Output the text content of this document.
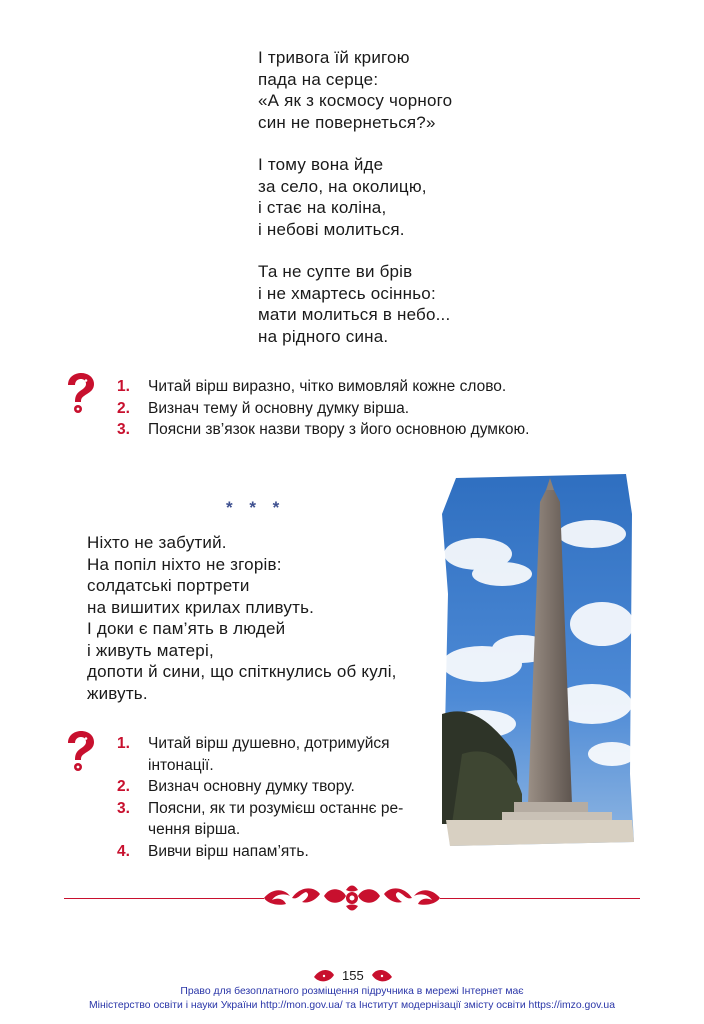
І тривога їй кригою
пада на серце:
«А як з космосу чорного
син не повернеться?»
І тому вона йде
за село, на околицю,
і стає на коліна,
і небові молиться.
Та не супте ви брів
і не хмартесь осінньо:
мати молиться в небо...
на рідного сина.
1. Читай вірш виразно, чітко вимовляй кожне слово.
2. Визнач тему й основну думку вірша.
3. Поясни зв’язок назви твору з його основною думкою.
* * *
Ніхто не забутий.
На попіл ніхто не згорів:
солдатські портрети
на вишитих крилах пливуть.
І доки є пам’ять в людей
і живуть матері,
допоти й сини, що спіткнулись об кулі,
живуть.
1. Читай вірш душевно, дотримуйся
інтонації.
2. Визнач основну думку твору.
3. Поясни, як ти розумієш останнє ре-
чення вірша.
4. Вивчи вірш напам’ять.
155
Право для безоплатного розміщення підручника в мережі Інтернет має
Міністерство освіти і науки України http://mon.gov.ua/ та Інститут модернізації змісту освіти https://imzo.gov.ua
